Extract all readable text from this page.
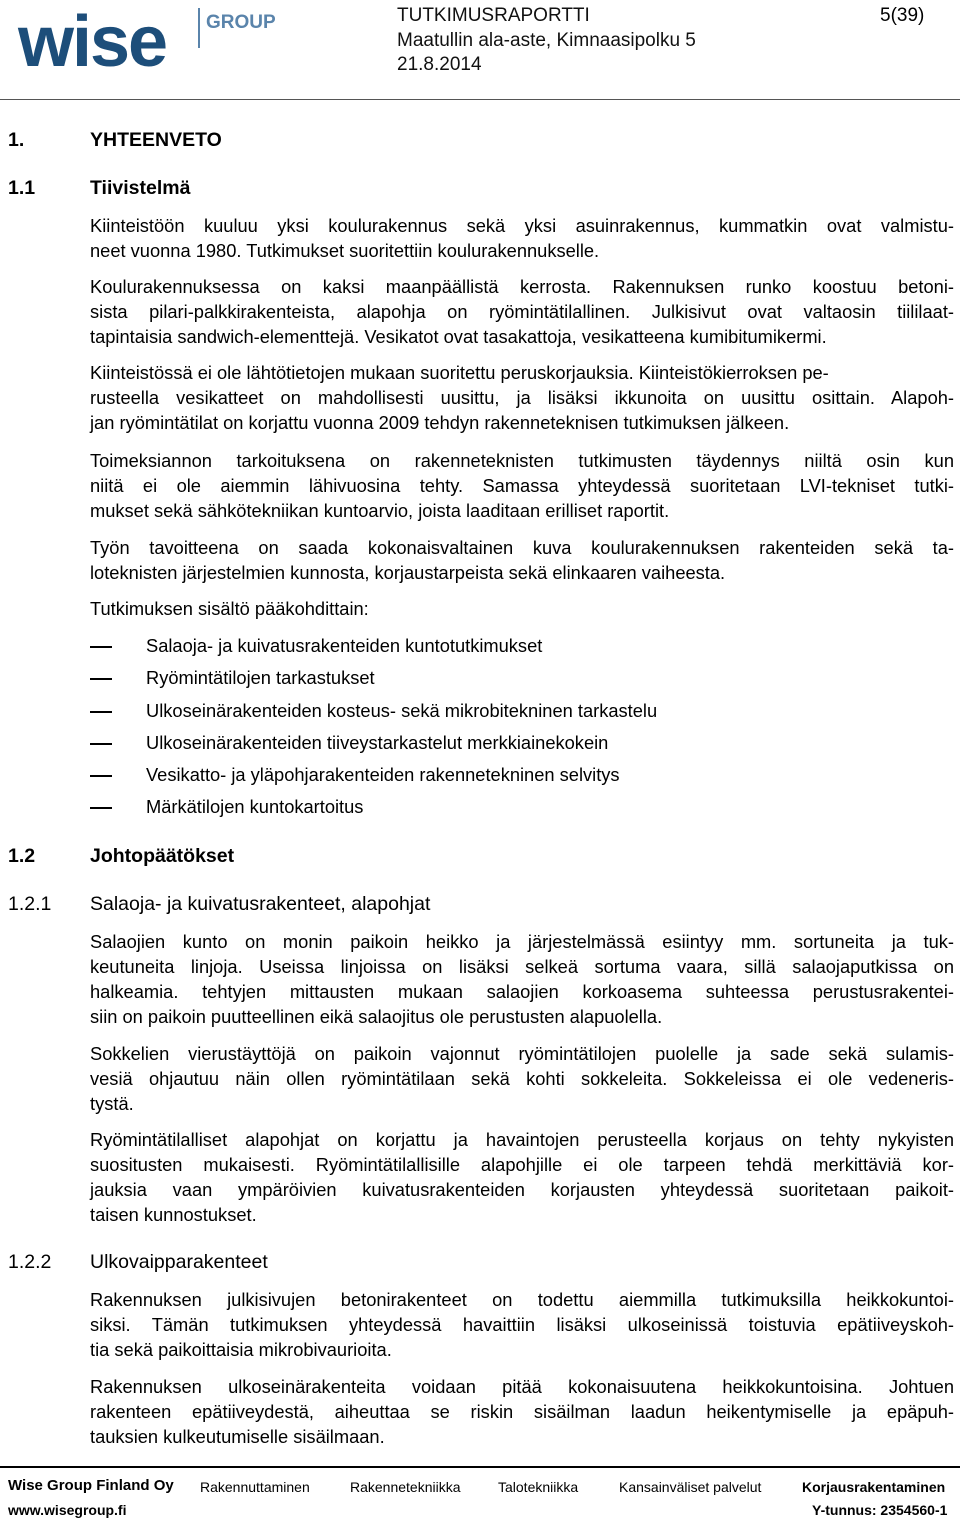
wise GROUP	TUTKIMUSRAPORTTI
Maatullin ala-aste, Kimnaasipolku 5
21.8.2014
5(39)
1.	YHTEENVETO
1.1	Tiivistelmä
Kiinteistöön kuuluu yksi koulurakennus sekä yksi asuinrakennus, kummatkin ovat valmistu-
neet vuonna 1980. Tutkimukset suoritettiin koulurakennukselle.
Koulurakennuksessa on kaksi maanpäällistä kerrosta. Rakennuksen runko koostuu betoni-
sista pilari-palkkirakenteista, alapohja on ryömintätilallinen. Julkisivut ovat valtaosin tiililaat-
tapintaisia sandwich-elementtejä. Vesikatot ovat tasakattoja, vesikatteena kumibitumikermi.
Kiinteistössä ei ole lähtötietojen mukaan suoritettu peruskorjauksia. Kiinteistökierroksen pe-
rusteella vesikatteet on mahdollisesti uusittu, ja lisäksi ikkunoita on uusittu osittain. Alapoh-
jan ryömintätilat on korjattu vuonna 2009 tehdyn rakenneteknisen tutkimuksen jälkeen.
Toimeksiannon tarkoituksena on rakenneteknisten tutkimusten täydennys niiltä osin kun
niitä ei ole aiemmin lähivuosina tehty. Samassa yhteydessä suoritetaan LVI-tekniset tutki-
mukset sekä sähkötekniikan kuntoarvio, joista laaditaan erilliset raportit.
Työn tavoitteena on saada kokonaisvaltainen kuva koulurakennuksen rakenteiden sekä ta-
loteknisten järjestelmien kunnosta, korjaustarpeista sekä elinkaaren vaiheesta.
Tutkimuksen sisältö pääkohdittain:
Salaoja- ja kuivatusrakenteiden kuntotutkimukset
Ryömintätilojen tarkastukset
Ulkoseinärakenteiden kosteus- sekä mikrobitekninen tarkastelu
Ulkoseinärakenteiden tiiveystarkastelut merkkiainekokein
Vesikatto- ja yläpohjarakenteiden rakennetekninen selvitys
Märkätilojen kuntokartoitus
1.2	Johtopäätökset
1.2.1 Salaoja- ja kuivatusrakenteet, alapohjat
Salaojien kunto on monin paikoin heikko ja järjestelmässä esiintyy mm. sortuneita ja tuk-
keutuneita linjoja. Useissa linjoissa on lisäksi selkeä sortuma vaara, sillä salaojaputkissa on
halkeamia. tehtyjen mittausten mukaan salaojien korkoasema suhteessa perustusrakentei-
siin on paikoin puutteellinen eikä salaojitus ole perustusten alapuolella.
Sokkelien vierustäyttöjä on paikoin vajonnut ryömintätilojen puolelle ja sade sekä sulamis-
vesiä ohjautuu näin ollen ryömintätilaan sekä kohti sokkeleita. Sokkeleissa ei ole vedeneris-
tystä.
Ryömintätilalliset alapohjat on korjattu ja havaintojen perusteella korjaus on tehty nykyisten
suositusten mukaisesti. Ryömintätilallisille alapohjille ei ole tarpeen tehdä merkittäviä kor-
jauksia vaan ympäröivien kuivatusrakenteiden korjausten yhteydessä suoritetaan paikoit-
taisen kunnostukset.
1.2.2 Ulkovaipparakenteet
Rakennuksen julkisivujen betonirakenteet on todettu aiemmilla tutkimuksilla heikkokuntoi-
siksi. Tämän tutkimuksen yhteydessä havaittiin lisäksi ulkoseinissä toistuvia epätiiveyskoh-
tia sekä paikoittaisia mikrobivaurioita.
Rakennuksen ulkoseinärakenteita voidaan pitää kokonaisuutena heikkokuntoisina. Johtuen
rakenteen epätiiveydestä, aiheuttaa se riskin sisäilman laadun heikentymiselle ja epäpuh-
tauksien kulkeutumiselle sisäilmaan.
Wise Group Finland Oy Rakennuttaminen	Rakennetekniikka	Talotekniikka	Kansainväliset palvelut	Korjausrakentaminen
www.wisegroup.fi	Y-tunnus: 2354560-1
